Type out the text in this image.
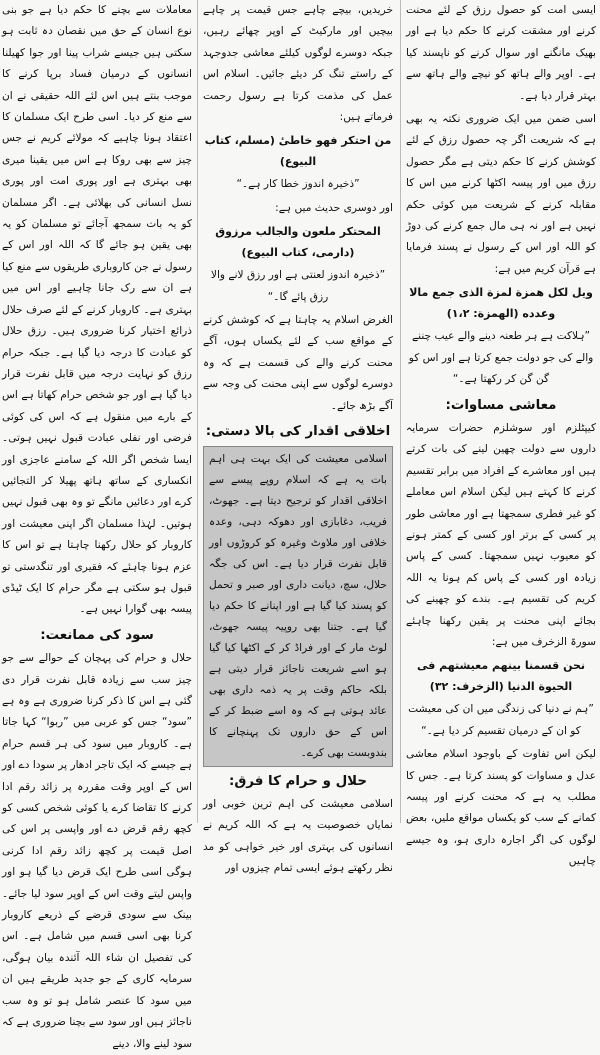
ایسی امت کو حصول رزق کے لئے محنت کرنے اور مشقت کرنے کا حکم دیا ہے اور بھیک مانگنے اور سوال کرنے کو ناپسند کیا ہے۔ اوپر والے ہاتھ کو نیچے والے ہاتھ سے بہتر قرار دیا ہے۔

اسی ضمن میں ایک ضروری نکتہ یہ بھی ہے کہ شریعت اگر چہ حصول رزق کے لئے کوشش کرنے کا حکم دیتی ہے مگر حصول رزق میں اور پیسہ اکٹھا کرنے میں اس کا مقابلہ کرنے کے شریعت میں کوئی حکم نہیں ہے اور نہ ہی مال جمع کرنے کی دوڑ کو اللہ اور اس کے رسول نے پسند فرمایا ہے قرآن کریم میں ہے:

ویل لکل همزة لمزة الذی جمع مالا وعدده (الهمزة: ۱،۲)

”ہلاکت ہے ہر طعنہ دینے والے عیب چننے والے کی جو دولت جمع کرتا ہے اور اس کو گن گن کر رکھتا ہے۔“

معاشی مساوات:

کیپٹلزم اور سوشلزم حضرات سرمایہ داروں سے دولت چھین لینے کی بات کرتے ہیں اور معاشرے کے افراد میں برابر تقسیم کرنے کا کہتے ہیں لیکن اسلام اس معاملے کو غیر فطری سمجھتا ہے اور معاشی طور پر کسی کے برتر اور کسی کے کمتر ہونے کو معیوب نہیں سمجھتا۔ کسی کے پاس زیادہ اور کسی کے پاس کم ہونا یہ اللہ کریم کی تقسیم ہے۔ بندے کو چھینے کی بجائے اپنی محنت پر یقین رکھنا چاہئے سورۃ الزخرف میں ہے:

نحن قسمنا بینهم معیشتهم فی الحیوة الدنیا (الزخرف: ۳۲)

”ہم نے دنیا کی زندگی میں ان کی معیشت کو ان کے درمیان تقسیم کر دیا ہے۔“

لیکن اس تفاوت کے باوجود اسلام معاشی عدل و مساوات کو پسند کرتا ہے۔ جس کا مطلب یہ ہے کہ محنت کرنے اور پیسہ کمانے کے سب کو یکساں مواقع ملیں، بعض لوگوں کی اگر اجارہ داری ہو، وہ جیسے چاہیں

خریدیں، بیچے چاہے جس قیمت پر چاہے بیچیں اور مارکیٹ کے اوپر چھائے رہیں، جبکہ دوسرے لوگوں کیلئے معاشی جدوجہد کے راستے تنگ کر دیئے جائیں۔ اسلام اس عمل کی مذمت کرتا ہے رسول رحمت فرماتے ہیں:

من احتکر فهو خاطیٔ (مسلم، کتاب البیوع)

”ذخیرہ اندوز خطا کار ہے۔“

اور دوسری حدیث میں ہے:

المحتکر ملعون والجالب مرزوق (دارمی، کتاب البیوع)

”ذخیرہ اندوز لعنتی ہے اور رزق لانے والا رزق پائے گا۔“

الغرض اسلام یہ چاہتا ہے کہ کوشش کرنے کے مواقع سب کے لئے یکساں ہوں، آگے محنت کرنے والے کی قسمت ہے کہ وہ دوسرے لوگوں سے اپنی محنت کی وجہ سے آگے بڑھ جائے۔

اخلاقی اقدار کی بالا دستی:
اسلامی معیشت کی ایک بہت ہی اہم بات یہ ہے کہ اسلام روپے پیسے سے اخلاقی اقدار کو ترجیح دیتا ہے۔ جھوٹ، فریب، دغابازی اور دھوکہ دہی، وعدہ خلافی اور ملاوٹ وغیرہ کو کروڑوں اور قابل نفرت قرار دیا ہے۔ اس کی جگہ حلال، سچ، دیانت داری اور صبر و تحمل کو پسند کیا گیا ہے اور اپنانے کا حکم دیا گیا ہے۔ جتنا بھی روپیہ پیسہ جھوٹ، لوٹ مار کے اور فراڈ کر کے اکٹھا کیا گیا ہو اسے شریعت ناجائز قرار دیتی ہے بلکہ حاکم وقت پر یہ ذمہ داری بھی عائد ہوتی ہے کہ وہ اسے ضبط کر کے اس کے حق داروں تک پہنچانے کا بندوبست بھی کرے۔
حلال و حرام کا فرق:

اسلامی معیشت کی اہم ترین خوبی اور نمایاں خصوصیت یہ ہے کہ اللہ کریم نے انسانوں کی بہتری اور خیر خواہی کو مد نظر رکھتے ہوئے ایسی تمام چیزوں اور

معاملات سے بچنے کا حکم دیا ہے جو بنی نوع انسان کے حق میں نقصان دہ ثابت ہو سکتی ہیں جیسے شراب پینا اور جوا کھیلنا انسانوں کے درمیان فساد برپا کرنے کا موجب بنتے ہیں اس لئے اللہ حقیقی نے ان سے منع کر دیا۔ اسی طرح ایک مسلمان کا اعتقاد ہونا چاہیے کہ مولائے کریم نے جس چیز سے بھی روکا ہے اس میں یقینا میری بھی بہتری ہے اور پوری امت اور پوری نسل انسانی کی بھلائی ہے۔ اگر مسلمان کو یہ بات سمجھ آجائے تو مسلمان کو یہ بھی یقین ہو جائے گا کہ اللہ اور اس کے رسول نے جن کاروباری طریقوں سے منع کیا ہے ان سے رک جانا چاہیے اور اس میں بہتری ہے۔ کاروبار کرنے کے لئے صرف حلال ذرائع اختیار کرنا ضروری ہیں۔ رزق حلال کو عبادت کا درجہ دیا گیا ہے۔ جبکہ حرام رزق کو نہایت درجہ میں قابل نفرت قرار دیا گیا ہے اور جو شخص حرام کھاتا ہے اس کے بارے میں منقول ہے کہ اس کی کوئی فرضی اور نفلی عبادت قبول نہیں ہوتی۔ ایسا شخص اگر اللہ کے سامنے عاجزی اور انکساری کے ساتھ ہاتھ پھیلا کر التجائیں کرے اور دعائیں مانگے تو وہ بھی قبول نہیں ہوتیں۔ لہٰذا مسلمان اگر اپنی معیشت اور کاروبار کو حلال رکھنا چاہتا ہے تو اس کا عزم ہونا چاہئے کہ فقیری اور تنگدستی تو قبول ہو سکتی ہے مگر حرام کا ایک ٹیڈی پیسہ بھی گوارا نہیں ہے۔

سود کی ممانعت:

حلال و حرام کی پہچان کے حوالے سے جو چیز سب سے زیادہ قابل نفرت قرار دی گئی ہے اس کا ذکر کرنا ضروری ہے وہ ہے ”سود“ جس کو عربی میں ”ربوا“ کہا جاتا ہے۔ کاروبار میں سود کی ہر قسم حرام ہے جیسے کہ ایک تاجر ادھار پر سودا دے اور اس کے اوپر وقت مقررہ پر زائد رقم ادا کرنے کا تقاضا کرے یا کوئی شخص کسی کو کچھ رقم قرض دے اور واپسی پر اس کی اصل قیمت پر کچھ زائد رقم ادا کرنی ہوگی اسی طرح ایک قرض دیا گیا ہو اور واپس لیتے وقت اس کے اوپر سود لیا جائے۔ بینک سے سودی قرضے کے ذریعے کاروبار کرنا بھی اسی قسم میں شامل ہے۔ اس کی تفصیل ان شاء اللہ آئندہ بیان ہوگی، سرمایہ کاری کے جو جدید طریقے ہیں ان میں سود کا عنصر شامل ہو تو وہ سب ناجائز ہیں اور سود سے بچنا ضروری ہے کہ سود لینے والا، دینے
